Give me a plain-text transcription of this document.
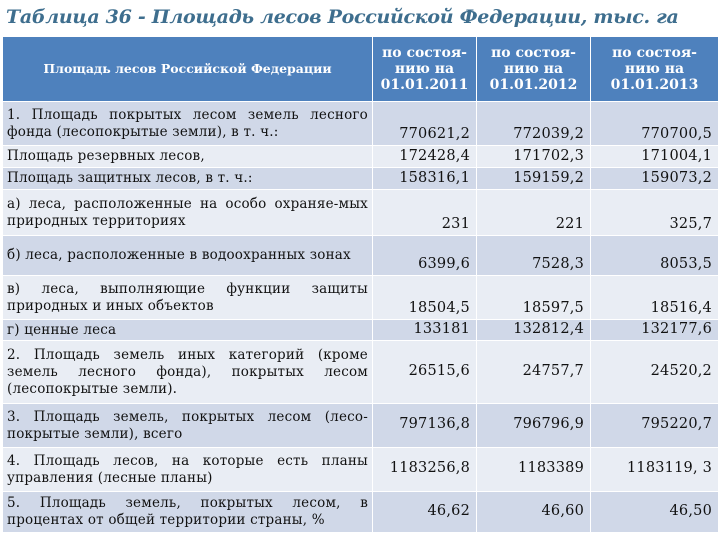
Таблица 36 - Площадь лесов Российской Федерации, тыс. га
Площадь лесов Российской Федерации	по состоя-нию на 01.01.2011	по состоя-нию на 01.01.2012	по состоя-нию на 01.01.2013
1. Площадь покрытых лесом земель лесного фонда (лесопокрытые земли), в т. ч.:	770621,2	772039,2	770700,5
Площадь резервных лесов,	172428,4	171702,3	171004,1
Площадь защитных лесов, в т. ч.:	158316,1	159159,2	159073,2
а) леса, расположенные на особо охраняе-мых природных территориях	231	221	325,7
б) леса, расположенные в водоохранных зонах	6399,6	7528,3	8053,5
в) леса, выполняющие функции защиты природных и иных объектов	18504,5	18597,5	18516,4
г) ценные леса	133181	132812,4	132177,6
2. Площадь земель иных категорий (кроме земель лесного фонда), покрытых лесом (лесопокрытые земли).	26515,6	24757,7	24520,2
3. Площадь земель, покрытых лесом (лесо-покрытые земли), всего	797136,8	796796,9	795220,7
4. Площадь лесов, на которые есть планы управления (лесные планы)	1183256,8	1183389	1183119, 3
5. Площадь земель, покрытых лесом, в процентах от общей территории страны, %	46,62	46,60	46,50
